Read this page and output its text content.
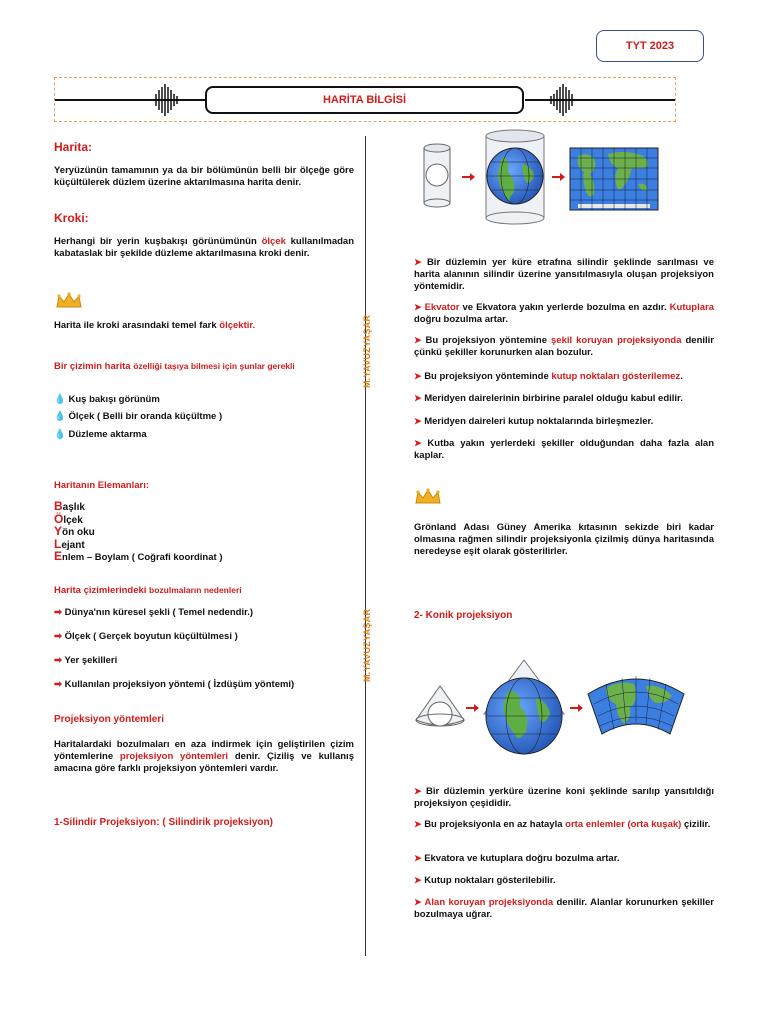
TYT 2023
HARİTA BİLGİSİ
M.YAVUZYAŞAR
M.YAVUZYAŞAR
Harita:
Yeryüzünün tamamının ya da bir bölümünün belli bir ölçeğe göre küçültülerek düzlem üzerine aktarılmasına harita denir.
Kroki:
Herhangi bir yerin kuşbakışı görünümünün ölçek kullanılmadan kabataslak bir şekilde düzleme aktarılmasına kroki denir.
Harita ile kroki arasındaki temel fark ölçektir.
Bir çizimin harita özelliği taşıya bilmesi için şunlar gerekli
💧 Kuş bakışı görünüm
💧 Ölçek ( Belli bir oranda küçültme )
💧 Düzleme aktarma
Haritanın Elemanları:
Başlık
Ölçek
Yön oku
Lejant
Enlem – Boylam ( Coğrafi koordinat )
Harita çizimlerindeki bozulmaların nedenleri
➡ Dünya'nın küresel şekli ( Temel nedendir.)
➡ Ölçek ( Gerçek boyutun küçültülmesi )
➡ Yer şekilleri
➡ Kullanılan projeksiyon yöntemi ( İzdüşüm yöntemi)
Projeksiyon yöntemleri
Haritalardaki bozulmaları en aza indirmek için geliştirilen çizim yöntemlerine projeksiyon yöntemleri denir. Çiziliş ve kullanış amacına göre farklı projeksiyon yöntemleri vardır.
1-Silindir Projeksiyon: ( Silindirik projeksiyon)
➤ Bir düzlemin yer küre etrafına silindir şeklinde sarılması ve harita alanının silindir üzerine yansıtılmasıyla oluşan projeksiyon yöntemidir.
➤ Ekvator ve Ekvatora yakın yerlerde bozulma en azdır. Kutuplara doğru bozulma artar.
➤ Bu projeksiyon yöntemine şekil koruyan projeksiyonda denilir çünkü şekiller korunurken alan bozulur.
➤ Bu projeksiyon yönteminde kutup noktaları gösterilemez.
➤ Meridyen dairelerinin birbirine paralel olduğu kabul edilir.
➤ Meridyen daireleri kutup noktalarında birleşmezler.
➤ Kutba yakın yerlerdeki şekiller olduğundan daha fazla alan kaplar.
Grönland Adası Güney Amerika kıtasının sekizde biri kadar olmasına rağmen silindir projeksiyonla çizilmiş dünya haritasında neredeyse eşit olarak gösterilirler.
2- Konik projeksiyon
➤ Bir düzlemin yerküre üzerine koni şeklinde sarılıp yansıtıldığı projeksiyon çeşididir.
➤ Bu projeksiyonla en az hatayla orta enlemler (orta kuşak) çizilir.
➤ Ekvatora ve kutuplara doğru bozulma artar.
➤ Kutup noktaları gösterilebilir.
➤ Alan koruyan projeksiyonda denilir. Alanlar korunurken şekiller bozulmaya uğrar.
